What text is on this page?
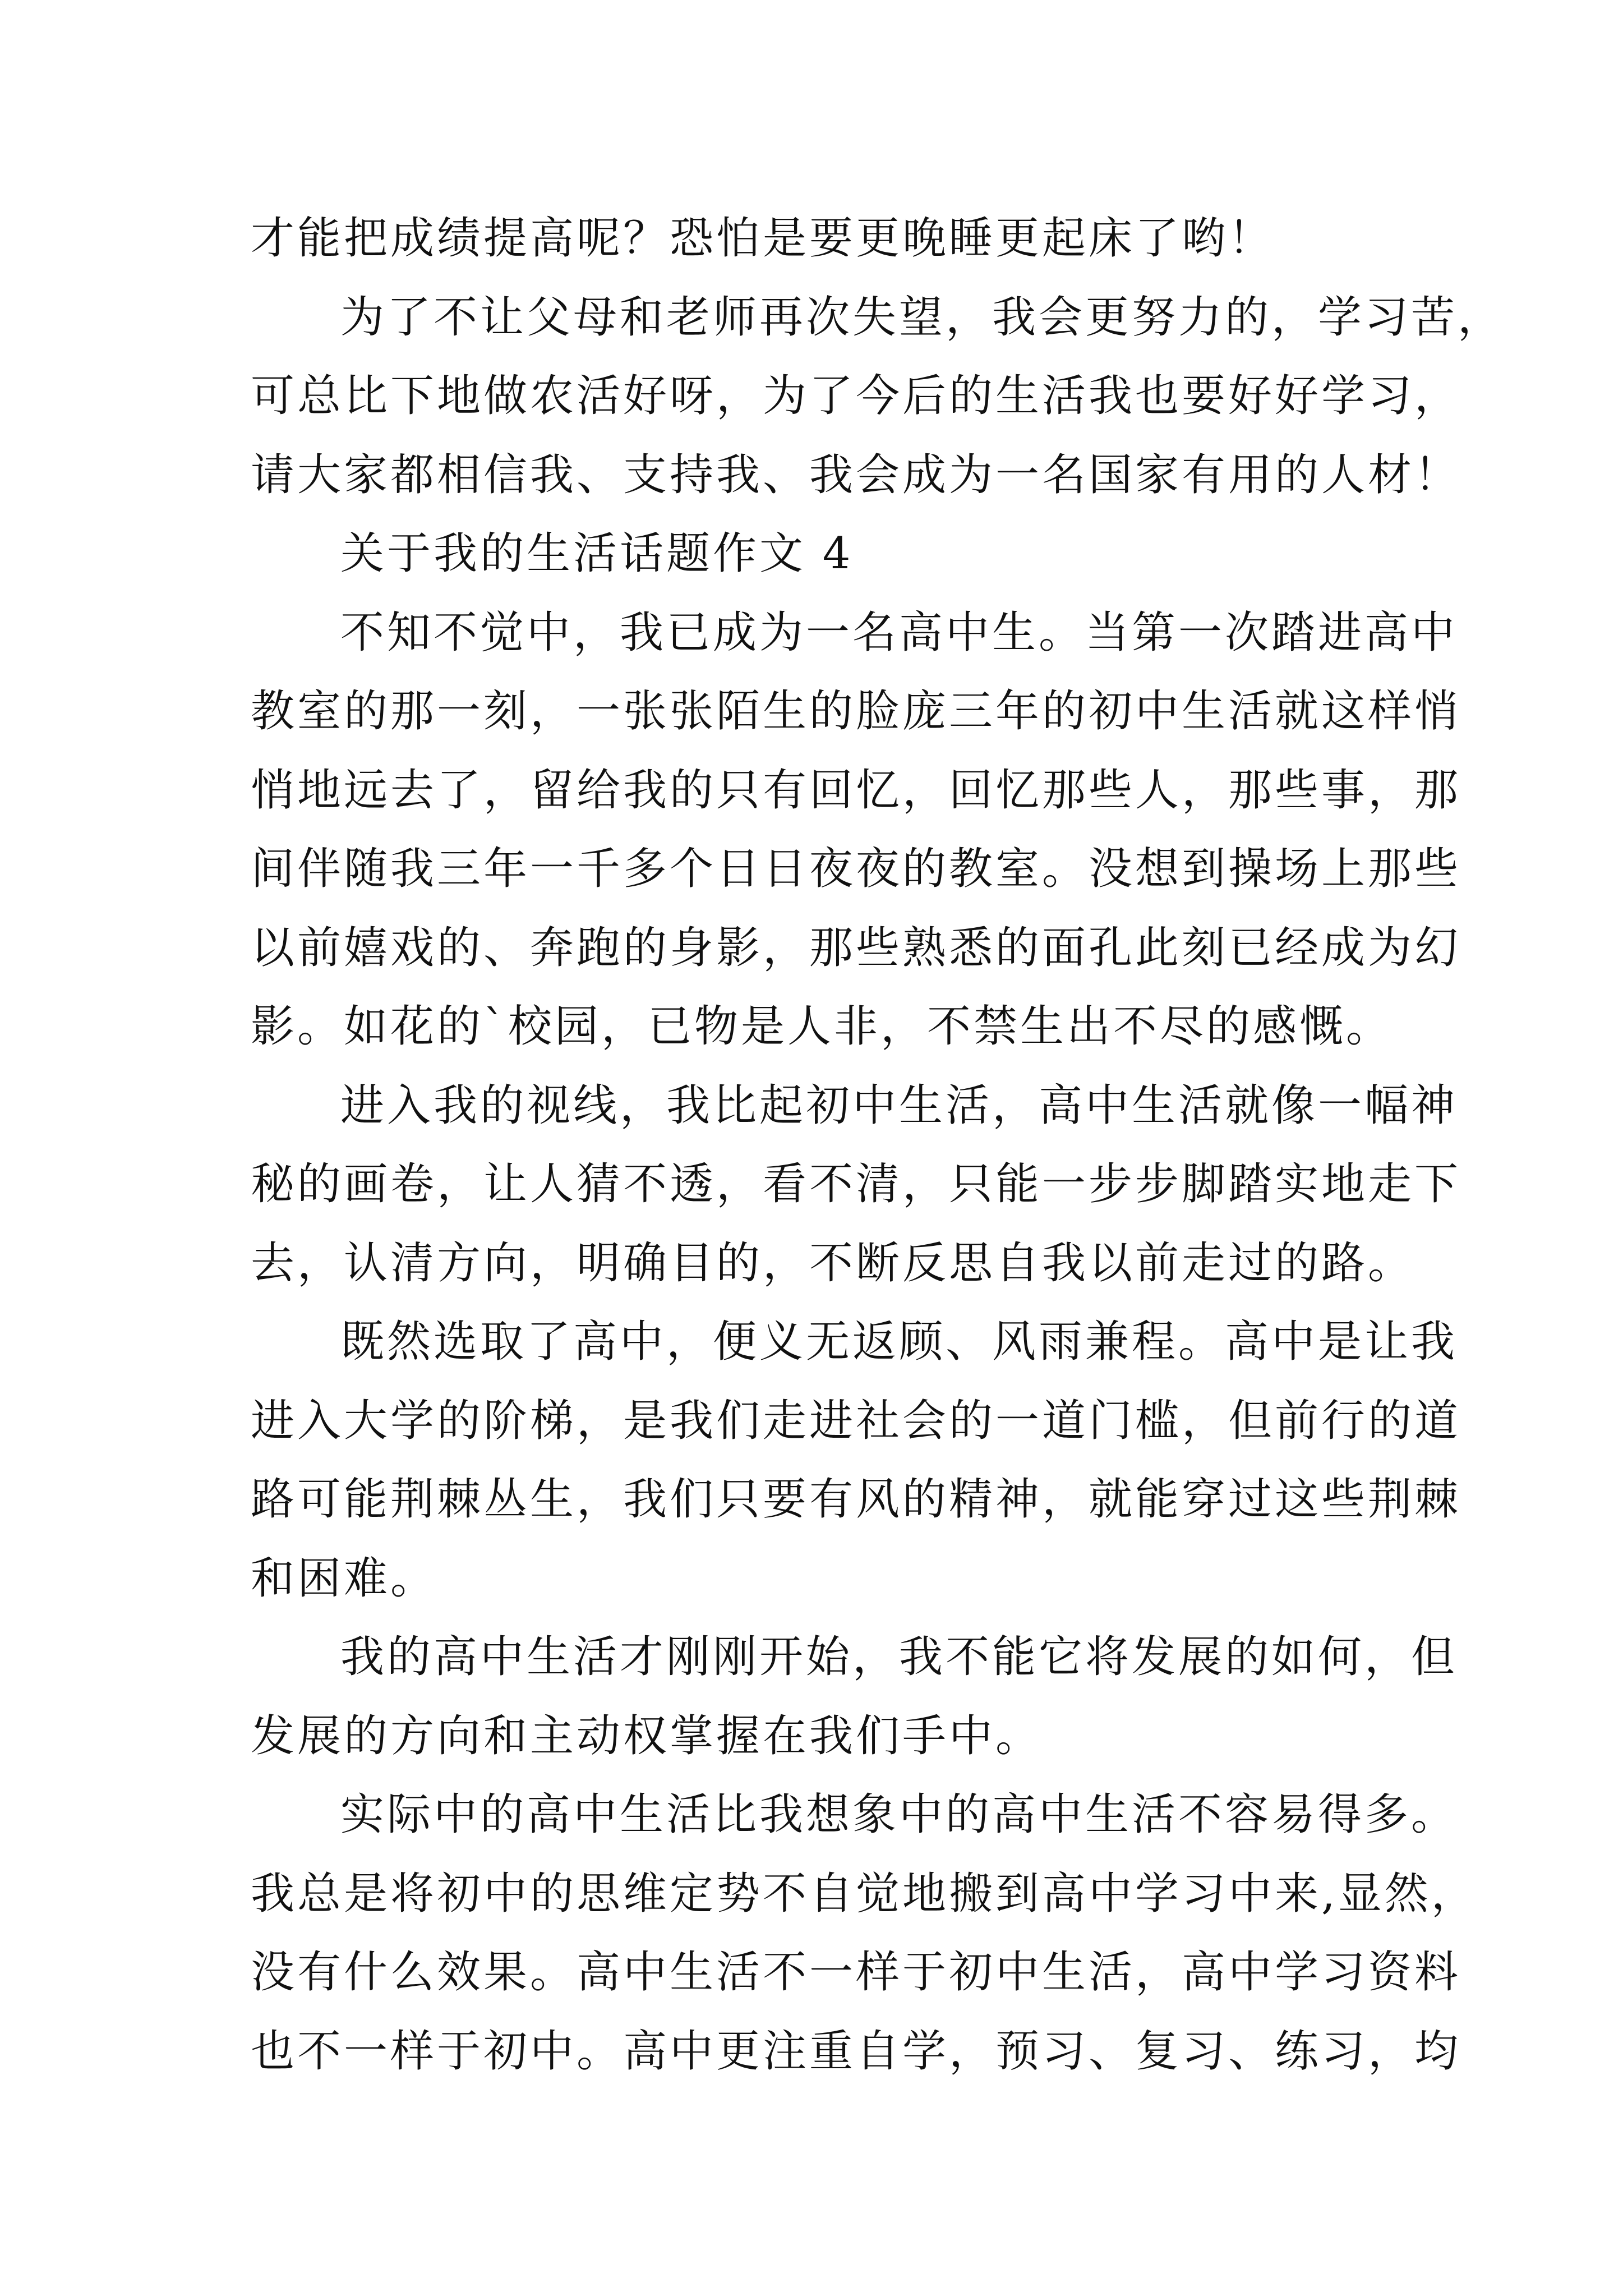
才能把成绩提高呢？恐怕是要更晚睡更起床了哟！
为了不让父母和老师再次失望，我会更努力的，学习苦，
可总比下地做农活好呀，为了今后的生活我也要好好学习，
请大家都相信我、支持我、我会成为一名国家有用的人材！
关于我的生活话题作文 4
不知不觉中，我已成为一名高中生。当第一次踏进高中
教室的那一刻，一张张陌生的脸庞三年的初中生活就这样悄
悄地远去了，留给我的只有回忆，回忆那些人，那些事，那
间伴随我三年一千多个日日夜夜的教室。没想到操场上那些
以前嬉戏的、奔跑的身影，那些熟悉的面孔此刻已经成为幻
影。如花的`校园，已物是人非，不禁生出不尽的感慨。
进入我的视线，我比起初中生活，高中生活就像一幅神
秘的画卷，让人猜不透，看不清，只能一步步脚踏实地走下
去，认清方向，明确目的，不断反思自我以前走过的路。
既然选取了高中，便义无返顾、风雨兼程。高中是让我
进入大学的阶梯，是我们走进社会的一道门槛，但前行的道
路可能荆棘丛生，我们只要有风的精神，就能穿过这些荆棘
和困难。
我的高中生活才刚刚开始，我不能它将发展的如何，但
发展的方向和主动权掌握在我们手中。
实际中的高中生活比我想象中的高中生活不容易得多。
我总是将初中的思维定势不自觉地搬到高中学习中来,显然，
没有什么效果。高中生活不一样于初中生活，高中学习资料
也不一样于初中。高中更注重自学，预习、复习、练习，均
